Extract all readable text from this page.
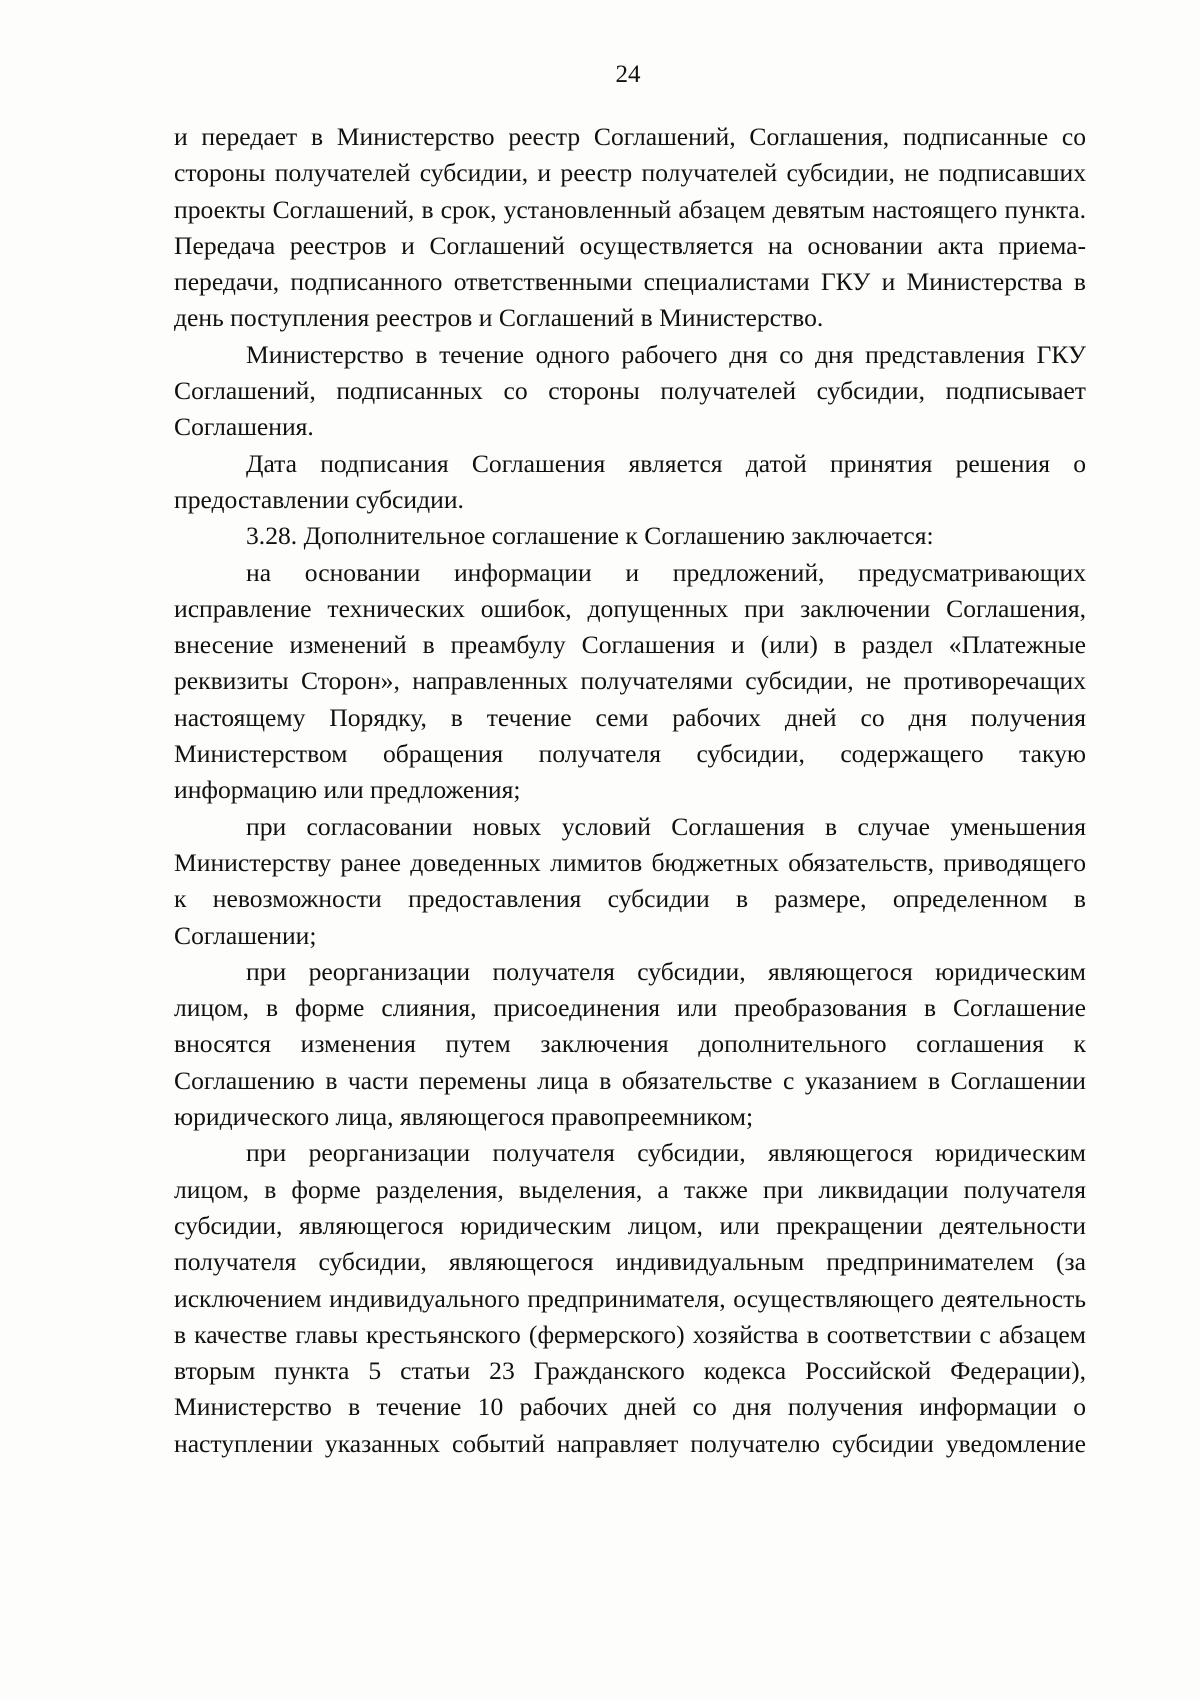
24

и передает в Министерство реестр Соглашений, Соглашения, подписанные со стороны получателей субсидии, и реестр получателей субсидии, не подписавших проекты Соглашений, в срок, установленный абзацем девятым настоящего пункта. Передача реестров и Соглашений осуществляется на основании акта приема-передачи, подписанного ответственными специалистами ГКУ и Министерства в день поступления реестров и Соглашений в Министерство.

Министерство в течение одного рабочего дня со дня представления ГКУ Соглашений, подписанных со стороны получателей субсидии, подписывает Соглашения.

Дата подписания Соглашения является датой принятия решения о предоставлении субсидии.

3.28. Дополнительное соглашение к Соглашению заключается:

на основании информации и предложений, предусматривающих исправление технических ошибок, допущенных при заключении Соглашения, внесение изменений в преамбулу Соглашения и (или) в раздел «Платежные реквизиты Сторон», направленных получателями субсидии, не противоречащих настоящему Порядку, в течение семи рабочих дней со дня получения Министерством обращения получателя субсидии, содержащего такую информацию или предложения;

при согласовании новых условий Соглашения в случае уменьшения Министерству ранее доведенных лимитов бюджетных обязательств, приводящего к невозможности предоставления субсидии в размере, определенном в Соглашении;

при реорганизации получателя субсидии, являющегося юридическим лицом, в форме слияния, присоединения или преобразования в Соглашение вносятся изменения путем заключения дополнительного соглашения к Соглашению в части перемены лица в обязательстве с указанием в Соглашении юридического лица, являющегося правопреемником;

при реорганизации получателя субсидии, являющегося юридическим лицом, в форме разделения, выделения, а также при ликвидации получателя субсидии, являющегося юридическим лицом, или прекращении деятельности получателя субсидии, являющегося индивидуальным предпринимателем (за исключением индивидуального предпринимателя, осуществляющего деятельность в качестве главы крестьянского (фермерского) хозяйства в соответствии с абзацем вторым пункта 5 статьи 23 Гражданского кодекса Российской Федерации), Министерство в течение 10 рабочих дней со дня получения информации о наступлении указанных событий направляет получателю субсидии уведомление
